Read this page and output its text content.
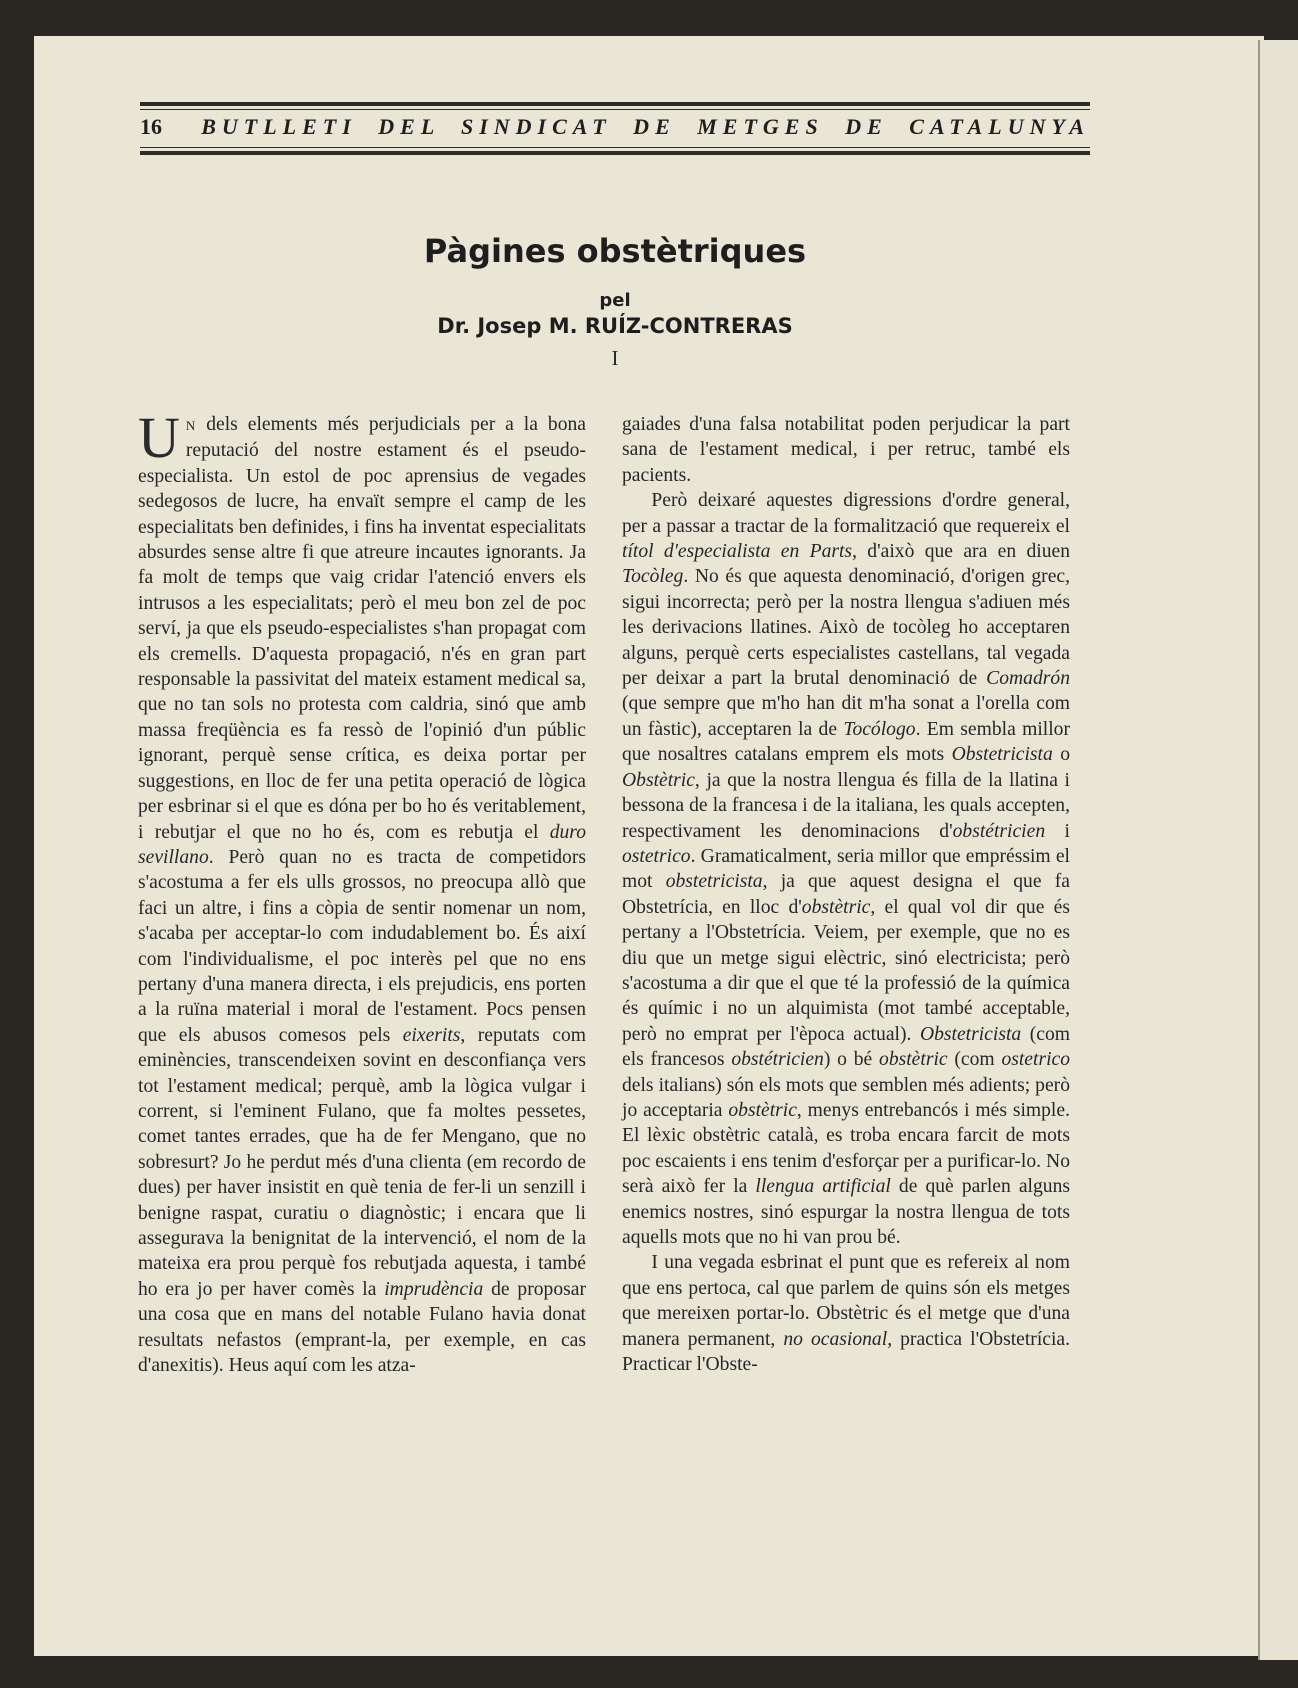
16	BUTLLETI DEL SINDICAT DE METGES DE CATALUNYA
Pàgines obstètriques
pel
Dr. Josep M. RUÍZ-CONTRERAS
I

U N dels elements més perjudicials per a la bona reputació del nostre estament és el pseudo- especialista. Un estol de poc aprensius de vegades sedegosos de lucre, ha envaït sempre el camp de les especialitats ben definides, i fins ha inventat especialitats absurdes sense altre fi que atreure incautes ignorants. Ja fa molt de temps que vaig cridar l'atenció envers els intrusos a les especialitats; però el meu bon zel de poc serví, ja que els pseudo-especialistes s'han propagat com els cremells. D'aquesta propagació, n'és en gran part responsable la passivitat del mateix estament medical sa, que no tan sols no protesta com caldria, sinó que amb massa freqüència es fa ressò de l'opinió d'un públic ignorant, perquè sense crítica, es deixa portar per suggestions, en lloc de fer una petita operació de lògica per esbrinar si el que es dóna per bo ho és veritablement, i rebutjar el que no ho és, com es rebutja el duro sevillano. Però quan no es tracta de competidors s'acostuma a fer els ulls grossos, no preocupa allò que faci un altre, i fins a còpia de sentir nomenar un nom, s'acaba per acceptar-lo com indudablement bo. És així com l'individualisme, el poc interès pel que no ens pertany d'una manera directa, i els prejudicis, ens porten a la ruïna material i moral de l'estament. Pocs pensen que els abusos comesos pels eixerits, reputats com eminències, transcendeixen sovint en desconfiança vers tot l'estament medical; perquè, amb la lògica vulgar i corrent, si l'eminent Fulano, que fa moltes pessetes, comet tantes errades, que ha de fer Mengano, que no sobresurt? Jo he perdut més d'una clienta (em recordo de dues) per haver insistit en què tenia de fer-li un senzill i benigne raspat, curatiu o diagnòstic; i encara que li assegurava la benignitat de la intervenció, el nom de la mateixa era prou perquè fos rebutjada aquesta, i també ho era jo per haver comès la imprudència de proposar una cosa que en mans del notable Fulano havia donat resultats nefastos (emprant-la, per exemple, en cas d'anexitis). Heus aquí com les atza-

gaiades d'una falsa notabilitat poden perjudicar la part sana de l'estament medical, i per retruc, també els pacients.

Però deixaré aquestes digressions d'ordre general, per a passar a tractar de la formalització que requereix el títol d'especialista en Parts, d'això que ara en diuen Tocòleg. No és que aquesta denominació, d'origen grec, sigui incorrecta; però per la nostra llengua s'adiuen més les derivacions llatines. Això de tocòleg ho acceptaren alguns, perquè certs especialistes castellans, tal vegada per deixar a part la brutal denominació de Comadrón (que sempre que m'ho han dit m'ha sonat a l'orella com un fàstic), acceptaren la de Tocólogo. Em sembla millor que nosaltres catalans emprem els mots Obstetricista o Obstètric, ja que la nostra llengua és filla de la llatina i bessona de la francesa i de la italiana, les quals accepten, respectivament les denominacions d'obstétricien i ostetrico. Gramaticalment, seria millor que empréssim el mot obstetricista, ja que aquest designa el que fa Obstetrícia, en lloc d'obstètric, el qual vol dir que és pertany a l'Obstetrícia. Veiem, per exemple, que no es diu que un metge sigui elèctric, sinó electricista; però s'acostuma a dir que el que té la professió de la química és químic i no un alquimista (mot també acceptable, però no emprat per l'època actual). Obstetricista (com els francesos obstétricien) o bé obstètric (com ostetrico dels italians) són els mots que semblen més adients; però jo acceptaria obstètric, menys entrebancós i més simple. El lèxic obstètric català, es troba encara farcit de mots poc escaients i ens tenim d'esforçar per a purificar-lo. No serà això fer la llengua artificial de què parlen alguns enemics nostres, sinó espurgar la nostra llengua de tots aquells mots que no hi van prou bé.

I una vegada esbrinat el punt que es refereix al nom que ens pertoca, cal que parlem de quins són els metges que mereixen portar-lo. Obstètric és el metge que d'una manera permanent, no ocasional, practica l'Obstetrícia. Practicar l'Obste-
